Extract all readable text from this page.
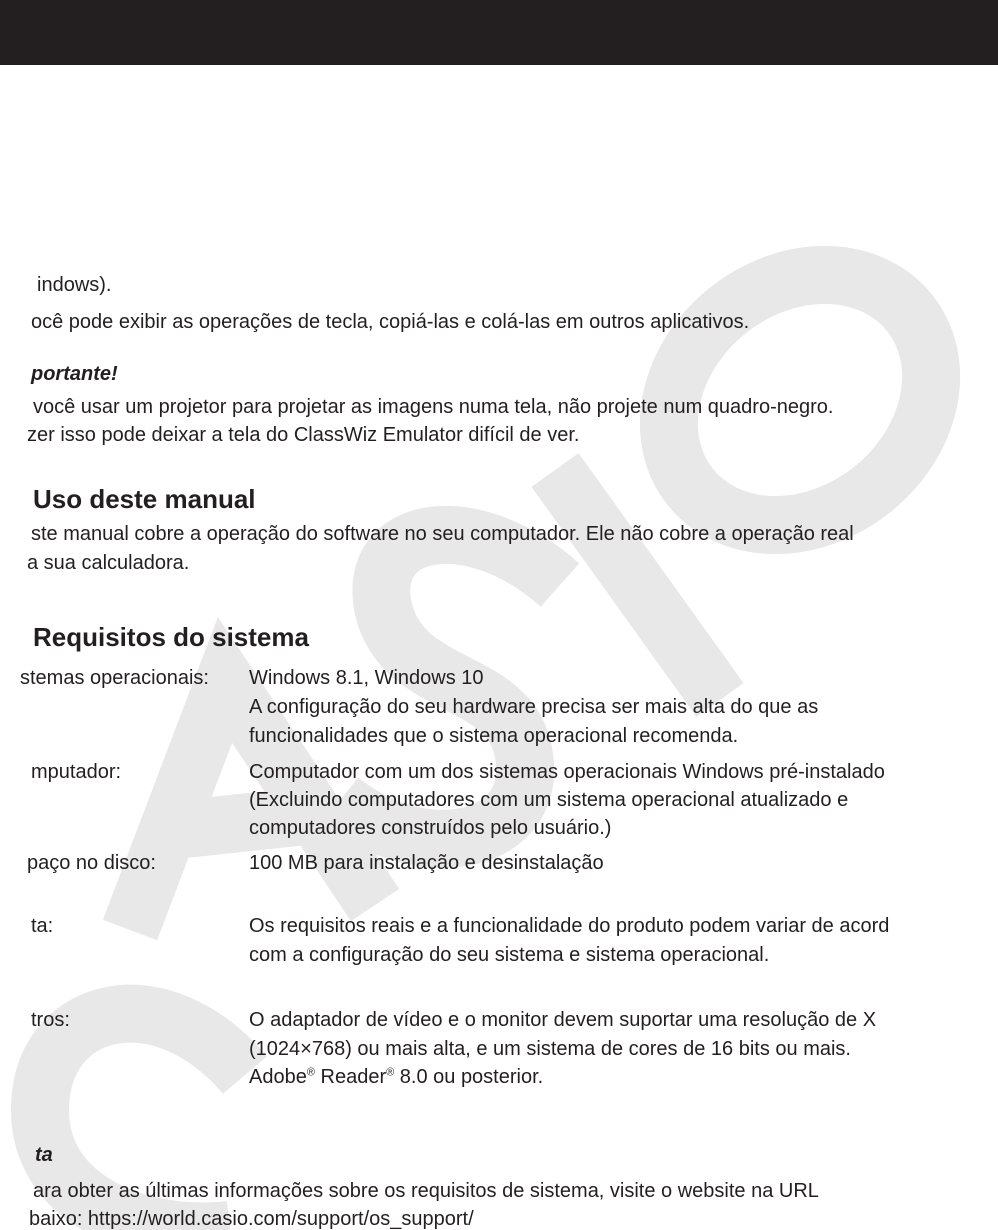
indows).
ocê pode exibir as operações de tecla, copiá-las e colá-las em outros aplicativos.
portante!
você usar um projetor para projetar as imagens numa tela, não projete num quadro-negro.
zer isso pode deixar a tela do ClassWiz Emulator difícil de ver.
Uso deste manual
ste manual cobre a operação do software no seu computador. Ele não cobre a operação real
a sua calculadora.
Requisitos do sistema
stemas operacionais: Windows 8.1, Windows 10
A configuração do seu hardware precisa ser mais alta do que as
funcionalidades que o sistema operacional recomenda.
mputador:	Computador com um dos sistemas operacionais Windows pré-instalado
(Excluindo computadores com um sistema operacional atualizado e
computadores construídos pelo usuário.)
paço no disco:	100 MB para instalação e desinstalação
ta:	Os requisitos reais e a funcionalidade do produto podem variar de acord
com a configuração do seu sistema e sistema operacional.
tros:	O adaptador de vídeo e o monitor devem suportar uma resolução de X
(1024×768) ou mais alta, e um sistema de cores de 16 bits ou mais.
Adobe® Reader® 8.0 ou posterior.
ta
ara obter as últimas informações sobre os requisitos de sistema, visite o website na URL
baixo: https://world.casio.com/support/os_support/
